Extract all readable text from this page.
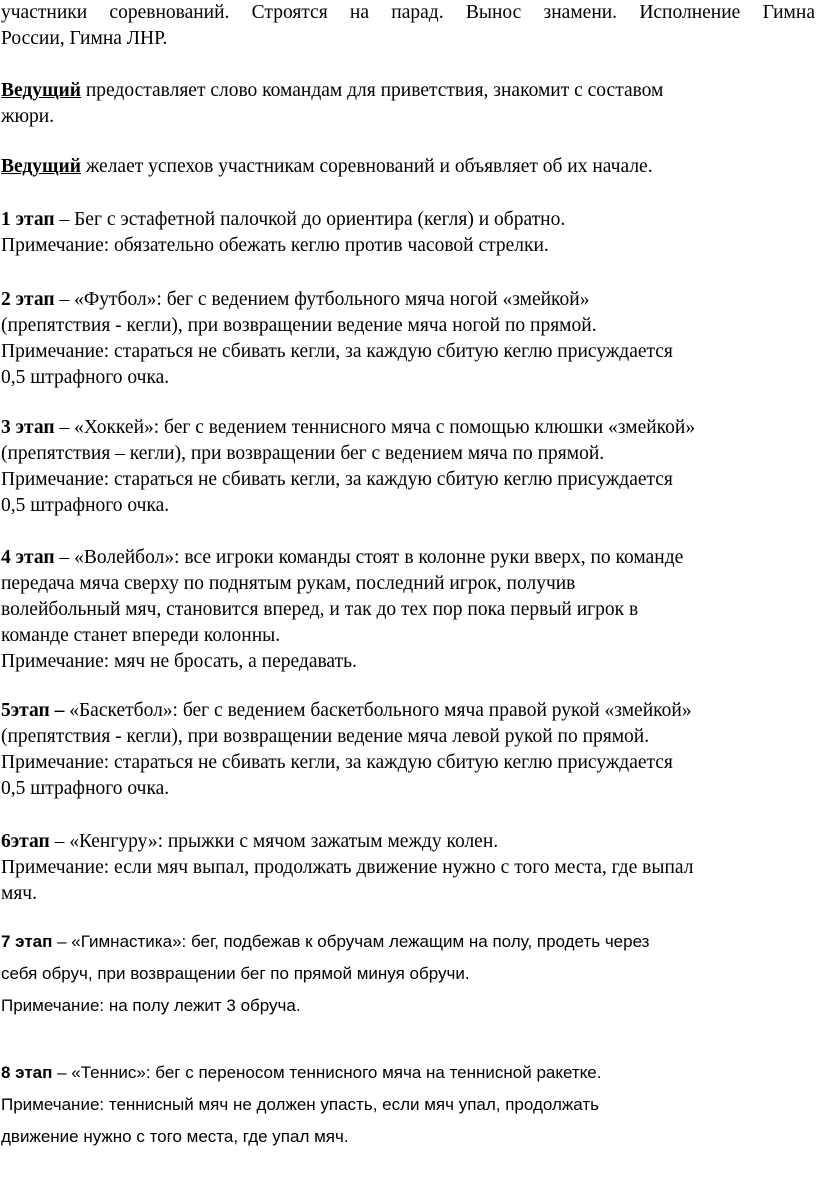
участники соревнований. Строятся на парад. Вынос знамени. Исполнение Гимна
России, Гимна ЛНР.
Ведущий предоставляет слово командам для приветствия, знакомит с составом
жюри.
Ведущий желает успехов участникам соревнований и объявляет об их начале.
1 этап – Бег с эстафетной палочкой до ориентира (кегля) и обратно.
Примечание: обязательно обежать кеглю против часовой стрелки.
2 этап – «Футбол»: бег с ведением футбольного мяча ногой «змейкой»
(препятствия - кегли), при возвращении ведение мяча ногой по прямой.
Примечание: стараться не сбивать кегли, за каждую сбитую кеглю присуждается
0,5 штрафного очка.
3 этап – «Хоккей»: бег с ведением теннисного мяча с помощью клюшки «змейкой»
(препятствия – кегли), при возвращении бег с ведением мяча по прямой.
Примечание: стараться не сбивать кегли, за каждую сбитую кеглю присуждается
0,5 штрафного очка.
4 этап – «Волейбол»: все игроки команды стоят в колонне руки вверх, по команде
передача мяча сверху по поднятым рукам, последний игрок, получив
волейбольный мяч, становится вперед, и так до тех пор пока первый игрок в
команде станет впереди колонны.
Примечание: мяч не бросать, а передавать.
5этап – «Баскетбол»: бег с ведением баскетбольного мяча правой рукой «змейкой»
(препятствия - кегли), при возвращении ведение мяча левой рукой по прямой.
Примечание: стараться не сбивать кегли, за каждую сбитую кеглю присуждается
0,5 штрафного очка.
6этап – «Кенгуру»: прыжки с мячом зажатым между колен.
Примечание: если мяч выпал, продолжать движение нужно с того места, где выпал
мяч.
7 этап – «Гимнастика»: бег, подбежав к обручам лежащим на полу, продеть через
себя обруч, при возвращении бег по прямой минуя обручи.
Примечание: на полу лежит 3 обруча.
8 этап – «Теннис»: бег с переносом теннисного мяча на теннисной ракетке.
Примечание: теннисный мяч не должен упасть, если мяч упал, продолжать
движение нужно с того места, где упал мяч.
